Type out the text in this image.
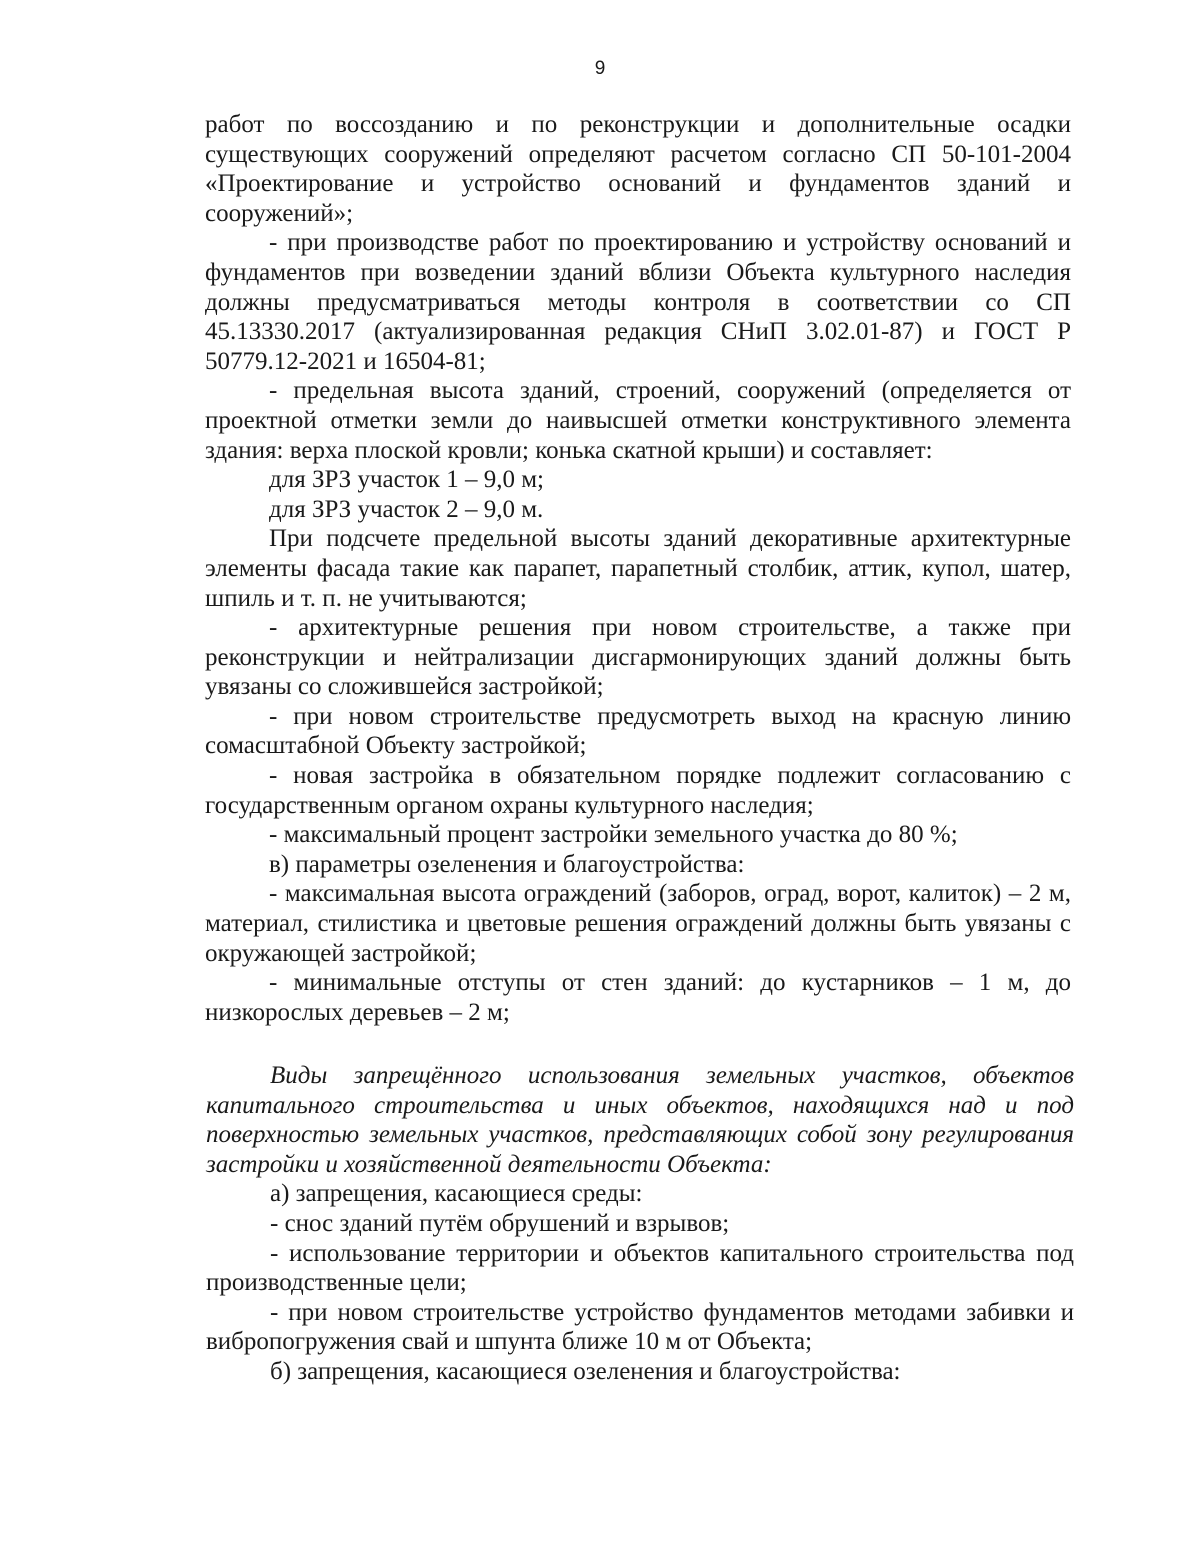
9

работ по воссозданию и по реконструкции и дополнительные осадки существующих сооружений определяют расчетом согласно СП 50-101-2004 «Проектирование и устройство оснований и фундаментов зданий и сооружений»;

- при производстве работ по проектированию и устройству оснований и фундаментов при возведении зданий вблизи Объекта культурного наследия должны предусматриваться методы контроля в соответствии со СП 45.13330.2017 (актуализированная редакция СНиП 3.02.01-87) и ГОСТ Р 50779.12-2021 и 16504-81;

- предельная высота зданий, строений, сооружений (определяется от проектной отметки земли до наивысшей отметки конструктивного элемента здания: верха плоской кровли; конька скатной крыши) и составляет:

для ЗРЗ участок 1 – 9,0 м;

для ЗРЗ участок 2 – 9,0 м.

При подсчете предельной высоты зданий декоративные архитектурные элементы фасада такие как парапет, парапетный столбик, аттик, купол, шатер, шпиль и т. п. не учитываются;

- архитектурные решения при новом строительстве, а также при реконструкции и нейтрализации дисгармонирующих зданий должны быть увязаны со сложившейся застройкой;

- при новом строительстве предусмотреть выход на красную линию сомасштабной Объекту застройкой;

- новая застройка в обязательном порядке подлежит согласованию с государственным органом охраны культурного наследия;

- максимальный процент застройки земельного участка до 80 %;

в) параметры озеленения и благоустройства:

- максимальная высота ограждений (заборов, оград, ворот, калиток) – 2 м, материал, стилистика и цветовые решения ограждений должны быть увязаны с окружающей застройкой;

- минимальные отступы от стен зданий: до кустарников – 1 м, до низкорослых деревьев – 2 м;

Виды запрещённого использования земельных участков, объектов капитального строительства и иных объектов, находящихся над и под поверхностью земельных участков, представляющих собой зону регулирования застройки и хозяйственной деятельности Объекта:

а) запрещения, касающиеся среды:

- снос зданий путём обрушений и взрывов;

- использование территории и объектов капитального строительства под производственные цели;

- при новом строительстве устройство фундаментов методами забивки и вибропогружения свай и шпунта ближе 10 м от Объекта;

б) запрещения, касающиеся озеленения и благоустройства:
